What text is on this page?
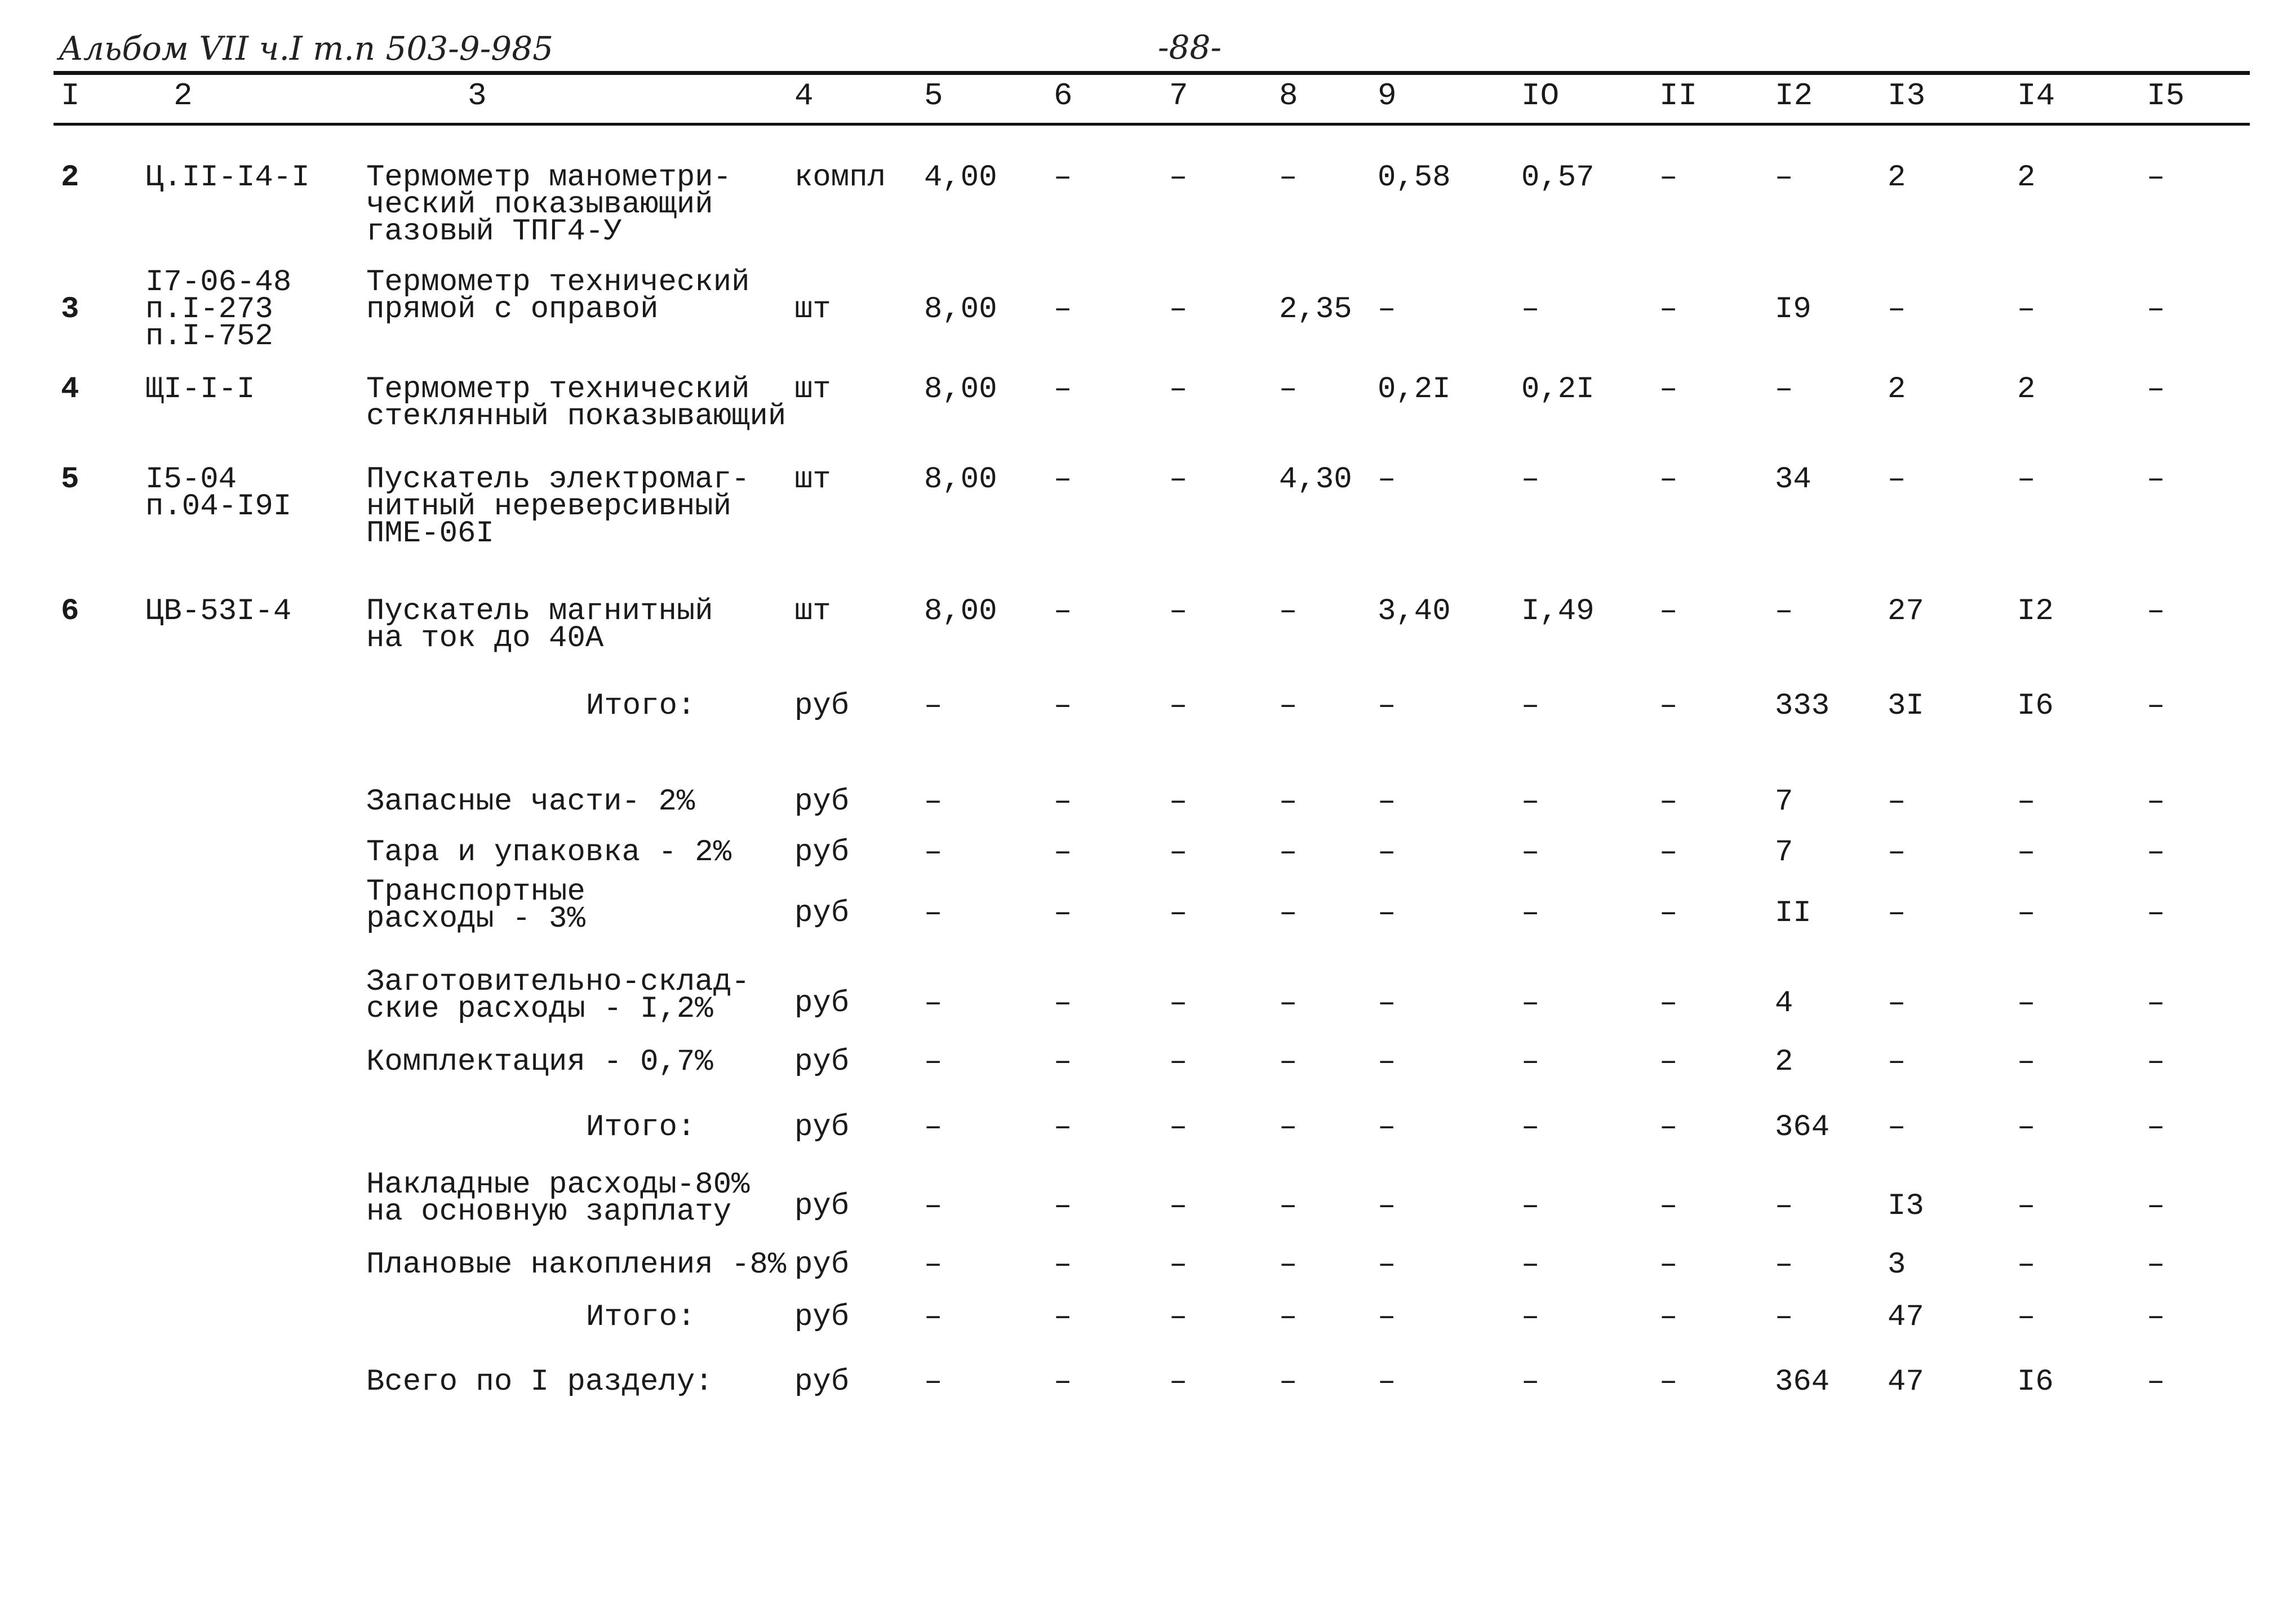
Альбом VII ч.I т.п 503-9-985	-88-
I	2	3	4	5	6	7	8	9	IO	II I2 I3	I4	I5
2 Ц.II-I4-I Термометр манометри-
ческий показывающий
газовый ТПГ4-У
компл 4,00 –	–	–	0,58 0,57 –	–	2	2	–
3
I7-06-48
п.I-273
п.I-752
Термометр технический
прямой с оправой	шт	8,00 –	–	2,35 –	–	–	I9	–	–	–
4 ЩI-I-I	Термометр технический
стеклянный показывающий
шт	8,00 –	–	–	0,2I 0,2I –	–	2	2	–
5 I5-04
п.04-I9I
Пускатель электромаг-
нитный нереверсивный
ПМЕ-06I
шт	8,00 –	–	4,30 –	–	–	34	–	–	–
6 ЦВ-53I-4 Пускатель магнитный
на ток до 40А
шт	8,00 –	–	–	3,40 I,49 –	–	27	I2	–
Итого:	руб –	–	–	–	–	–	–	333 3I	I6	–
Запасные части- 2%	руб –	–	–	–	–	–	–	7	–	–	–
Тара и упаковка - 2% руб –	–	–	–	–	–	–	7	–	–	–
Транспортные
расходы - 3%	руб –	–	–	–	–	–	–	II	–	–	–
Заготовительно-склад-
ские расходы - I,2%	руб –	–	–	–	–	–	–	4	–	–	–
Комплектация - 0,7%	руб –	–	–	–	–	–	–	2	–	–	–
Итого:	руб –	–	–	–	–	–	–	364 –	–	–
Накладные расходы-80%
на основную зарплату	руб –	–	–	–	–	–	–	–	I3	–	–
Плановые накопления -8% руб –	–	–	–	–	–	–	–	3	–	–
Итого:	руб –	–	–	–	–	–	–	–	47	–	–
Всего по I разделу:	руб –	–	–	–	–	–	–	364 47	I6	–
